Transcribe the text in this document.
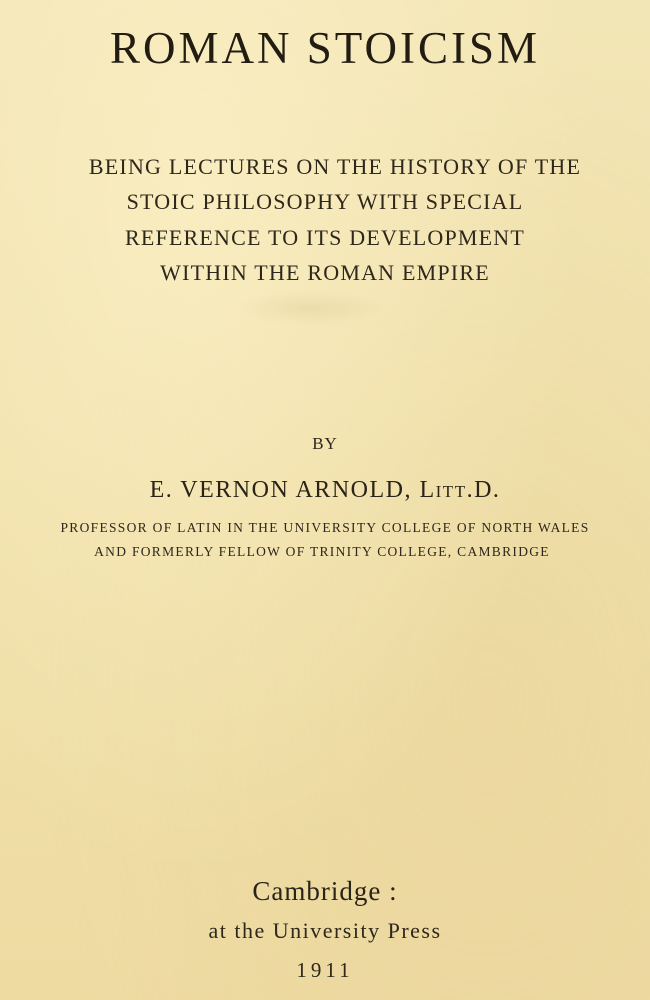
ROMAN STOICISM
BEING LECTURES ON THE HISTORY OF THE
STOIC PHILOSOPHY WITH SPECIAL
REFERENCE TO ITS DEVELOPMENT
WITHIN THE ROMAN EMPIRE
BY
E. VERNON ARNOLD, Litt.D.
PROFESSOR OF LATIN IN THE UNIVERSITY COLLEGE OF NORTH WALES
AND FORMERLY FELLOW OF TRINITY COLLEGE, CAMBRIDGE
Cambridge :
at the University Press
1911
